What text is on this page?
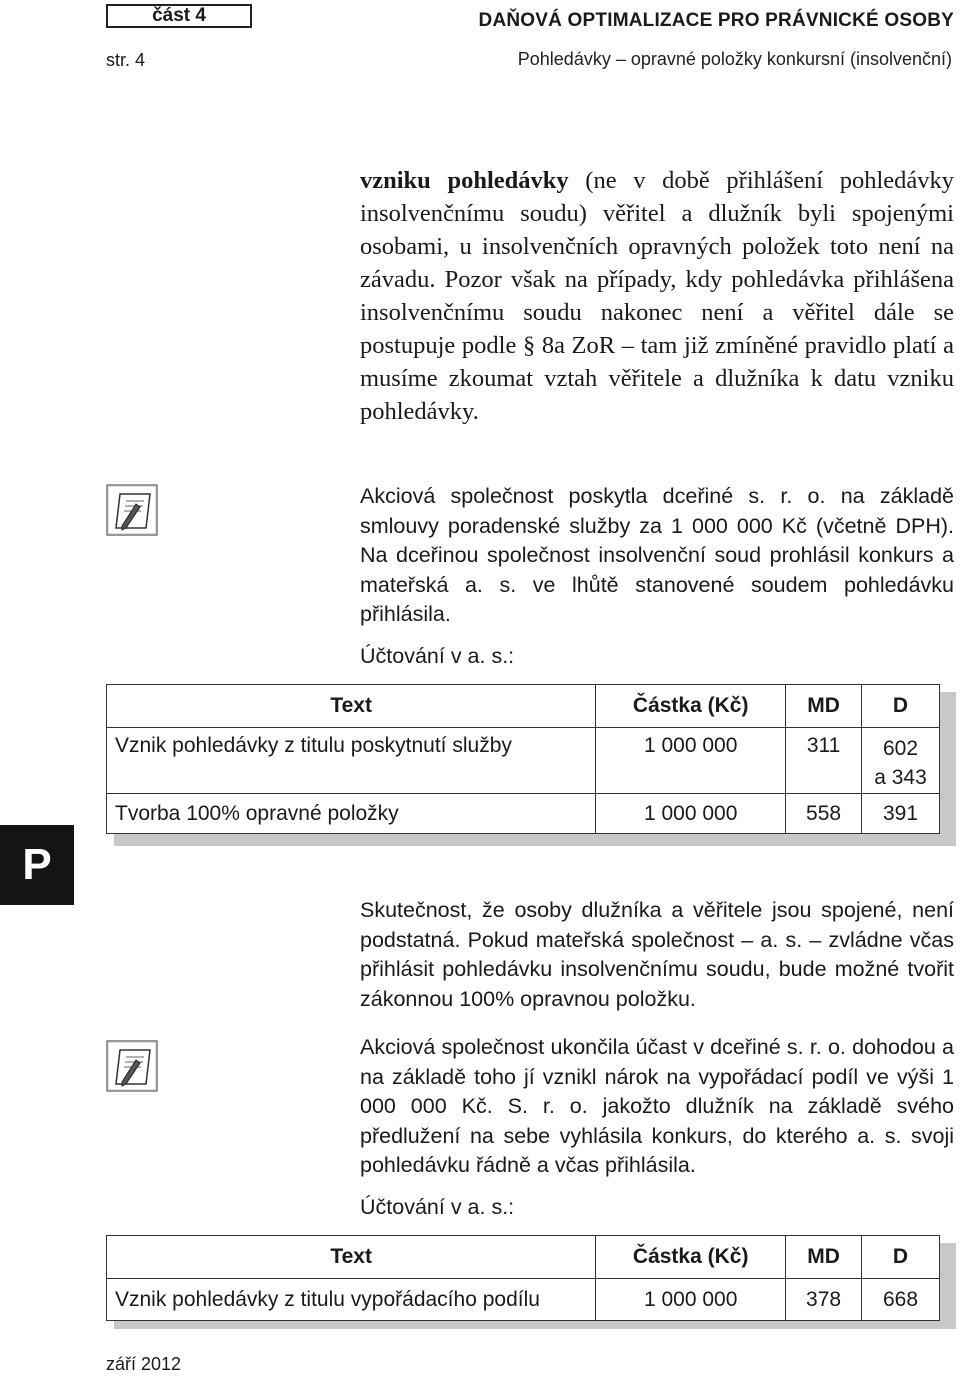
část 4
str. 4
DAŇOVÁ OPTIMALIZACE PRO PRÁVNICKÉ OSOBY
Pohledávky – opravné položky konkursní (insolvenční)

vzniku pohledávky (ne v době přihlášení pohledávky insolvenčnímu soudu) věřitel a dlužník byli spojenými osobami, u insolvenčních opravných položek toto není na závadu. Pozor však na případy, kdy pohledávka přihlášena insolvenčnímu soudu nakonec není a věřitel dále se postupuje podle § 8a ZoR – tam již zmíněné pravidlo platí a musíme zkoumat vztah věřitele a dlužníka k datu vzniku pohledávky.

Akciová společnost poskytla dceřiné s. r. o. na základě smlouvy poradenské služby za 1 000 000 Kč (včetně DPH). Na dceřinou společnost insolvenční soud prohlásil konkurs a mateřská a. s. ve lhůtě stanovené soudem pohledávku přihlásila.

Účtování v a. s.:
Text	Částka (Kč)	MD	D
Vznik pohledávky z titulu poskytnutí služby	1 000 000	311	602
a 343
Tvorba 100% opravné položky	1 000 000	558	391
P

Skutečnost, že osoby dlužníka a věřitele jsou spojené, není podstatná. Pokud mateřská společnost – a. s. – zvládne včas přihlásit pohledávku insolvenčnímu soudu, bude možné tvořit zákonnou 100% opravnou položku.

Akciová společnost ukončila účast v dceřiné s. r. o. dohodou a na základě toho jí vznikl nárok na vypořádací podíl ve výši 1 000 000 Kč. S. r. o. jakožto dlužník na základě svého předlužení na sebe vyhlásila konkurs, do kterého a. s. svoji pohledávku řádně a včas přihlásila.

Účtování v a. s.:
Text	Částka (Kč)	MD	D
Vznik pohledávky z titulu vypořádacího podílu	1 000 000	378	668
září 2012
